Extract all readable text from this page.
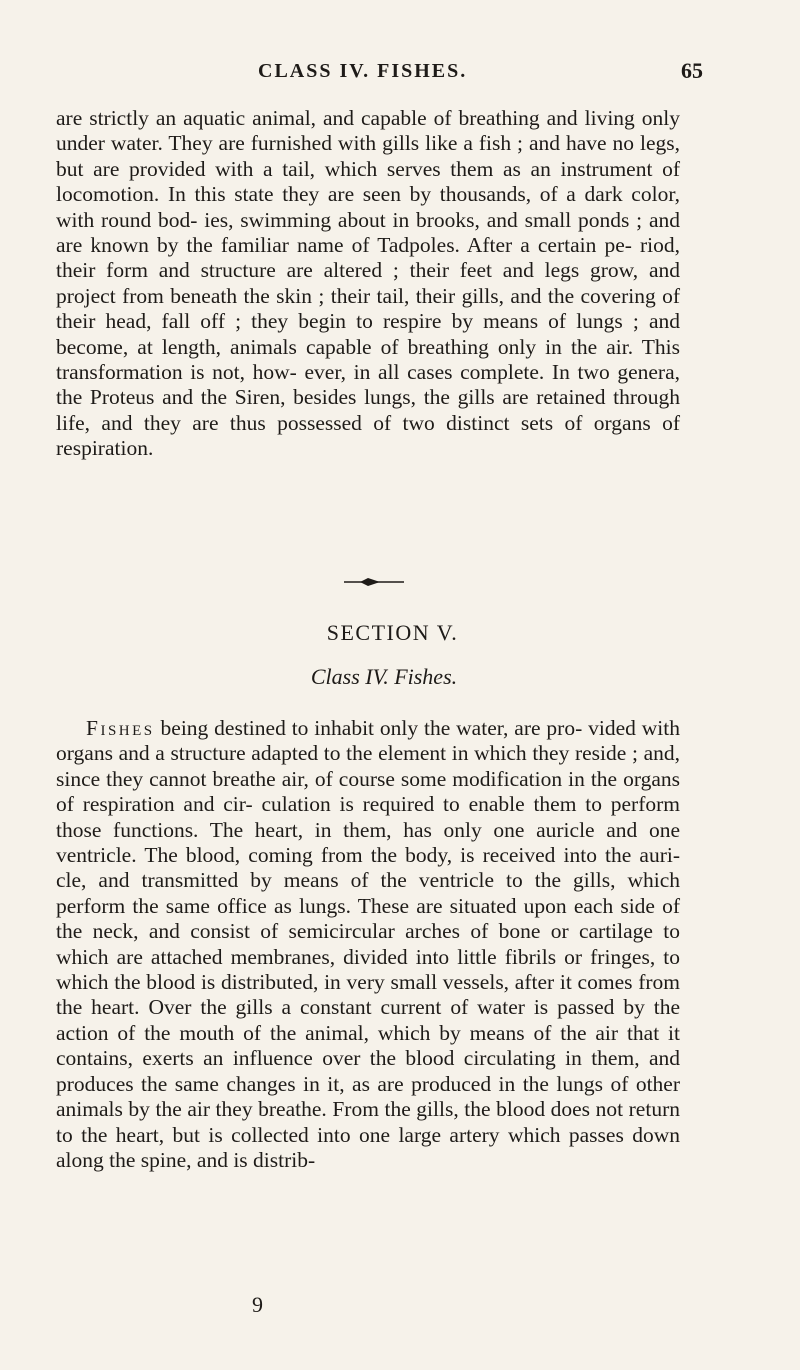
CLASS IV. FISHES.	65
are strictly an aquatic animal, and capable of breathing and living only under water. They are furnished with gills like a fish ; and have no legs, but are provided with a tail, which serves them as an instrument of locomotion. In this state they are seen by thousands, of a dark color, with round bod- ies, swimming about in brooks, and small ponds ; and are known by the familiar name of Tadpoles. After a certain pe- riod, their form and structure are altered ; their feet and legs grow, and project from beneath the skin ; their tail, their gills, and the covering of their head, fall off ; they begin to respire by means of lungs ; and become, at length, animals capable of breathing only in the air. This transformation is not, how- ever, in all cases complete. In two genera, the Proteus and the Siren, besides lungs, the gills are retained through life, and they are thus possessed of two distinct sets of organs of respiration.
SECTION V.
Class IV. Fishes.
Fishes being destined to inhabit only the water, are pro- vided with organs and a structure adapted to the element in which they reside ; and, since they cannot breathe air, of course some modification in the organs of respiration and cir- culation is required to enable them to perform those functions. The heart, in them, has only one auricle and one ventricle. The blood, coming from the body, is received into the auri- cle, and transmitted by means of the ventricle to the gills, which perform the same office as lungs. These are situated upon each side of the neck, and consist of semicircular arches of bone or cartilage to which are attached membranes, divided into little fibrils or fringes, to which the blood is distributed, in very small vessels, after it comes from the heart. Over the gills a constant current of water is passed by the action of the mouth of the animal, which by means of the air that it contains, exerts an influence over the blood circulating in them, and produces the same changes in it, as are produced in the lungs of other animals by the air they breathe. From the gills, the blood does not return to the heart, but is collected into one large artery which passes down along the spine, and is distrib-
9
